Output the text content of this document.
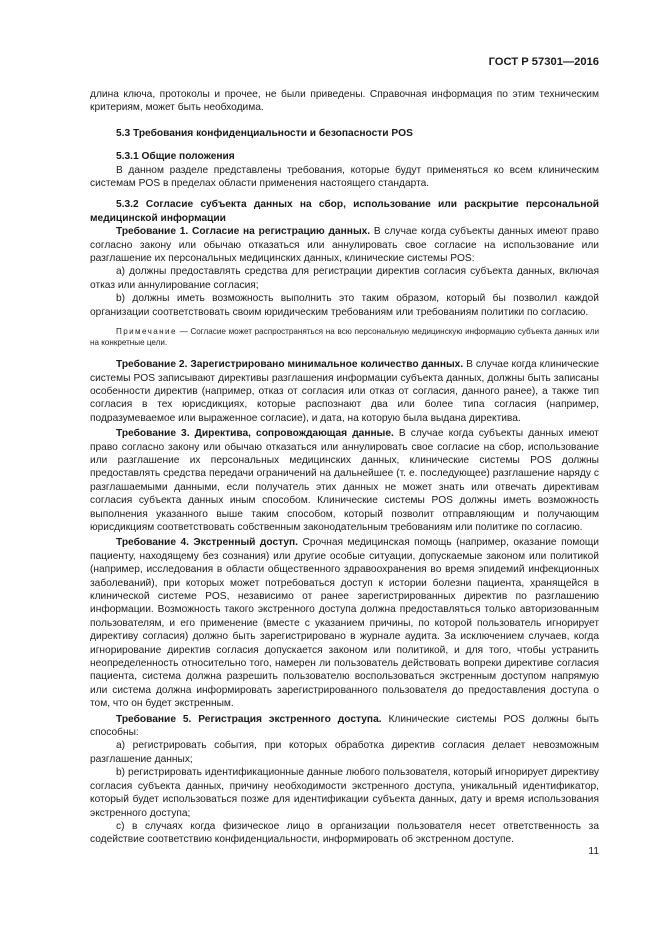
ГОСТ Р 57301—2016

длина ключа, протоколы и прочее, не были приведены. Справочная информация по этим техническим критериям, может быть необходима.

5.3 Требования конфиденциальности и безопасности POS

5.3.1 Общие положения

В данном разделе представлены требования, которые будут применяться ко всем клиническим системам POS в пределах области применения настоящего стандарта.

5.3.2 Согласие субъекта данных на сбор, использование или раскрытие персональной медицинской информации

Требование 1. Согласие на регистрацию данных. В случае когда субъекты данных имеют право согласно закону или обычаю отказаться или аннулировать свое согласие на использование или разглашение их персональных медицинских данных, клинические системы POS:

а) должны предоставлять средства для регистрации директив согласия субъекта данных, включая отказ или аннулирование согласия;

b) должны иметь возможность выполнить это таким образом, который бы позволил каждой организации соответствовать своим юридическим требованиям или требованиям политики по согласию.

Примечание — Согласие может распространяться на всю персональную медицинскую информацию субъекта данных или на конкретные цели.

Требование 2. Зарегистрировано минимальное количество данных. В случае когда клинические системы POS записывают директивы разглашения информации субъекта данных, должны быть записаны особенности директив (например, отказ от согласия или отказ от согласия, данного ранее), а также тип согласия в тех юрисдикциях, которые распознают два или более типа согласия (например, подразумеваемое или выраженное согласие), и дата, на которую была выдана директива.

Требование 3. Директива, сопровождающая данные. В случае когда субъекты данных имеют право согласно закону или обычаю отказаться или аннулировать свое согласие на сбор, использование или разглашение их персональных медицинских данных, клинические системы POS должны предоставлять средства передачи ограничений на дальнейшее (т. е. последующее) разглашение наряду с разглашаемыми данными, если получатель этих данных не может знать или отвечать директивам согласия субъекта данных иным способом. Клинические системы POS должны иметь возможность выполнения указанного выше таким способом, который позволит отправляющим и получающим юрисдикциям соответствовать собственным законодательным требованиям или политике по согласию.

Требование 4. Экстренный доступ. Срочная медицинская помощь (например, оказание помощи пациенту, находящему без сознания) или другие особые ситуации, допускаемые законом или политикой (например, исследования в области общественного здравоохранения во время эпидемий инфекционных заболеваний), при которых может потребоваться доступ к истории болезни пациента, хранящейся в клинической системе POS, независимо от ранее зарегистрированных директив по разглашению информации. Возможность такого экстренного доступа должна предоставляться только авторизованным пользователям, и его применение (вместе с указанием причины, по которой пользователь игнорирует директиву согласия) должно быть зарегистрировано в журнале аудита. За исключением случаев, когда игнорирование директив согласия допускается законом или политикой, и для того, чтобы устранить неопределенность относительно того, намерен ли пользователь действовать вопреки директиве согласия пациента, система должна разрешить пользователю воспользоваться экстренным доступом напрямую или система должна информировать зарегистрированного пользователя до предоставления доступа о том, что он будет экстренным.

Требование 5. Регистрация экстренного доступа. Клинические системы POS должны быть способны:

а) регистрировать события, при которых обработка директив согласия делает невозможным разглашение данных;

b) регистрировать идентификационные данные любого пользователя, который игнорирует директиву согласия субъекта данных, причину необходимости экстренного доступа, уникальный идентификатор, который будет использоваться позже для идентификации субъекта данных, дату и время использования экстренного доступа;

с) в случаях когда физическое лицо в организации пользователя несет ответственность за содействие соответствию конфиденциальности, информировать об экстренном доступе.

11
